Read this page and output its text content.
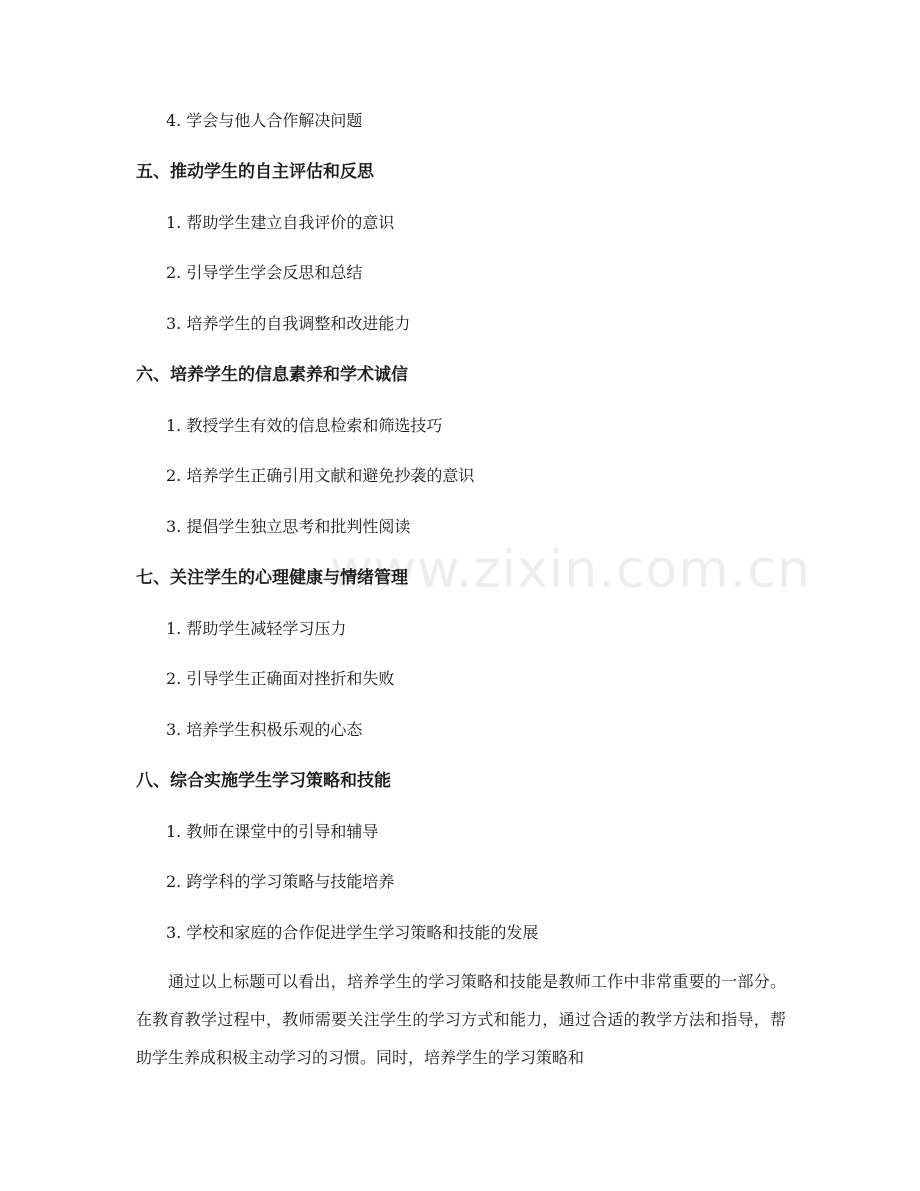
4. 学会与他人合作解决问题
五、推动学生的自主评估和反思
1. 帮助学生建立自我评价的意识
2. 引导学生学会反思和总结
3. 培养学生的自我调整和改进能力
六、培养学生的信息素养和学术诚信
1. 教授学生有效的信息检索和筛选技巧
2. 培养学生正确引用文献和避免抄袭的意识
3. 提倡学生独立思考和批判性阅读
七、关注学生的心理健康与情绪管理
1. 帮助学生减轻学习压力
2. 引导学生正确面对挫折和失败
3. 培养学生积极乐观的心态
八、综合实施学生学习策略和技能
1. 教师在课堂中的引导和辅导
2. 跨学科的学习策略与技能培养
3. 学校和家庭的合作促进学生学习策略和技能的发展
通过以上标题可以看出，培养学生的学习策略和技能是教师工作中非常重要的一部分。在教育教学过程中，教师需要关注学生的学习方式和能力，通过合适的教学方法和指导，帮助学生养成积极主动学习的习惯。同时，培养学生的学习策略和
www.zixin.com.cn
